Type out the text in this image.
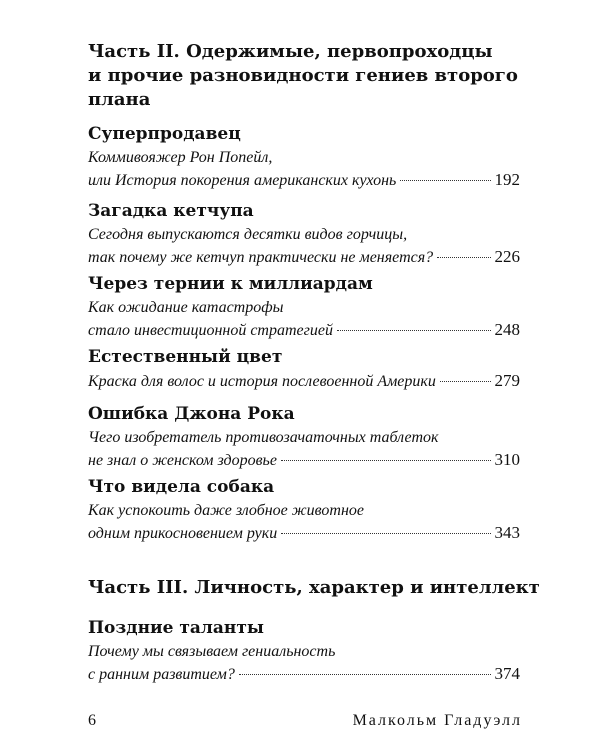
Часть II. Одержимые, первопроходцы
и прочие разновидности гениев второго
плана
Суперпродавец
Коммивояжер Рон Попейл,
или История покорения американских кухонь	192
Загадка кетчупа
Сегодня выпускаются десятки видов горчицы,
так почему же кетчуп практически не меняется?	226
Через тернии к миллиардам
Как ожидание катастрофы
стало инвестиционной стратегией	248
Естественный цвет
Краска для волос и история послевоенной Америки	279
Ошибка Джона Рока
Чего изобретатель противозачаточных таблеток
не знал о женском здоровье	310
Что видела собака
Как успокоить даже злобное животное
одним прикосновением руки	343
Часть III. Личность, характер и интеллект
Поздние таланты
Почему мы связываем гениальность
с ранним развитием?	374
6	Малкольм Гладуэлл
